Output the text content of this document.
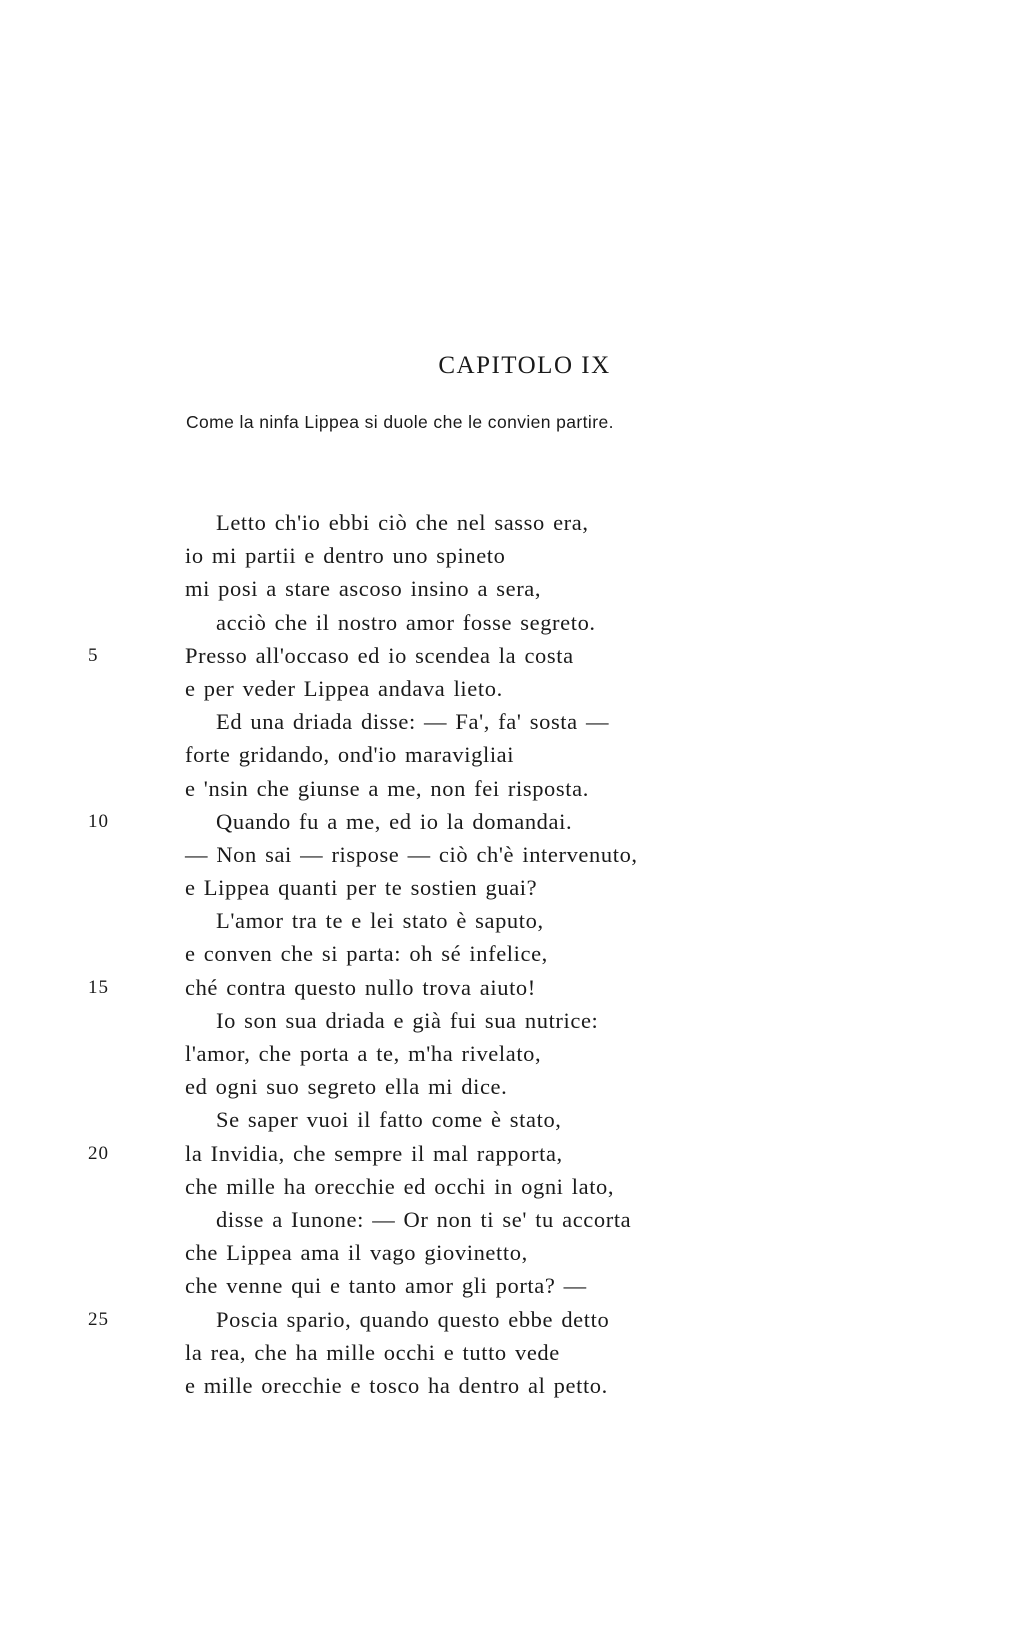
CAPITOLO IX

Come la ninfa Lippea si duole che le convien partire.

Letto ch'io ebbi ciò che nel sasso era,
io mi partii e dentro uno spineto
mi posi a stare ascoso insino a sera,
acciò che il nostro amor fosse segreto.
5	Presso all'occaso ed io scendea la costa
e per veder Lippea andava lieto.
Ed una driada disse: — Fa', fa' sosta —
forte gridando, ond'io maravigliai
e 'nsin che giunse a me, non fei risposta.
10	Quando fu a me, ed io la domandai.
— Non sai — rispose — ciò ch'è intervenuto,
e Lippea quanti per te sostien guai?
L'amor tra te e lei stato è saputo,
e conven che si parta: oh sé infelice,
15	ché contra questo nullo trova aiuto!
Io son sua driada e già fui sua nutrice:
l'amor, che porta a te, m'ha rivelato,
ed ogni suo segreto ella mi dice.
Se saper vuoi il fatto come è stato,
20	la Invidia, che sempre il mal rapporta,
che mille ha orecchie ed occhi in ogni lato,
disse a Iunone: — Or non ti se' tu accorta
che Lippea ama il vago giovinetto,
che venne qui e tanto amor gli porta? —
25	Poscia spario, quando questo ebbe detto
la rea, che ha mille occhi e tutto vede
e mille orecchie e tosco ha dentro al petto.
